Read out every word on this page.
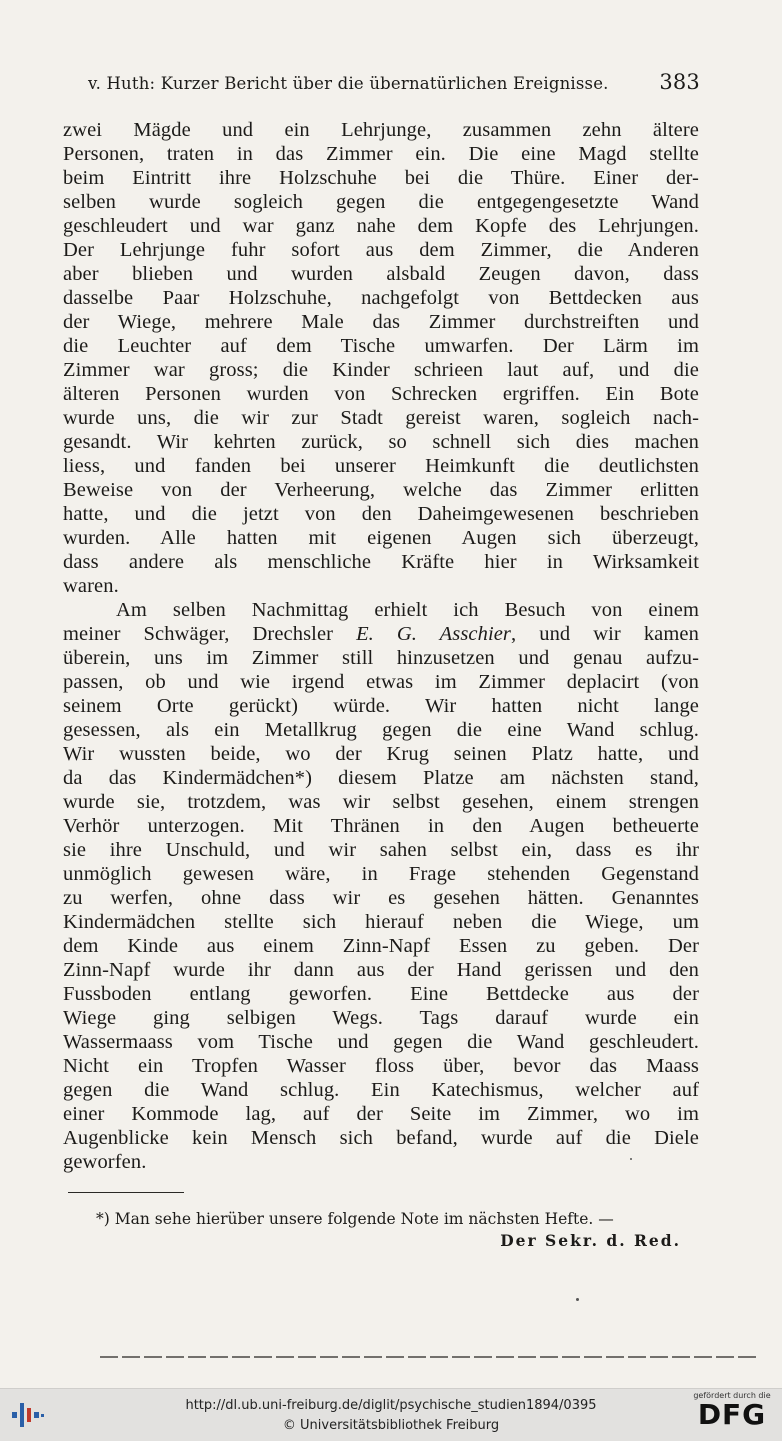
v. Huth: Kurzer Bericht über die übernatürlichen Ereignisse. 383
zwei Mägde und ein Lehrjunge, zusammen zehn ältere
Personen, traten in das Zimmer ein. Die eine Magd stellte
beim Eintritt ihre Holzschuhe bei die Thüre. Einer der-
selben wurde sogleich gegen die entgegengesetzte Wand
geschleudert und war ganz nahe dem Kopfe des Lehrjungen.
Der Lehrjunge fuhr sofort aus dem Zimmer, die Anderen
aber blieben und wurden alsbald Zeugen davon, dass
dasselbe Paar Holzschuhe, nachgefolgt von Bettdecken aus
der Wiege, mehrere Male das Zimmer durchstreiften und
die Leuchter auf dem Tische umwarfen. Der Lärm im
Zimmer war gross; die Kinder schrieen laut auf, und die
älteren Personen wurden von Schrecken ergriffen. Ein Bote
wurde uns, die wir zur Stadt gereist waren, sogleich nach-
gesandt. Wir kehrten zurück, so schnell sich dies machen
liess, und fanden bei unserer Heimkunft die deutlichsten
Beweise von der Verheerung, welche das Zimmer erlitten
hatte, und die jetzt von den Daheimgewesenen beschrieben
wurden. Alle hatten mit eigenen Augen sich überzeugt,
dass andere als menschliche Kräfte hier in Wirksamkeit
waren.
Am selben Nachmittag erhielt ich Besuch von einem
meiner Schwäger, Drechsler E. G. Asschier, und wir kamen
überein, uns im Zimmer still hinzusetzen und genau aufzu-
passen, ob und wie irgend etwas im Zimmer deplacirt (von
seinem Orte gerückt) würde. Wir hatten nicht lange
gesessen, als ein Metallkrug gegen die eine Wand schlug.
Wir wussten beide, wo der Krug seinen Platz hatte, und
da das Kindermädchen*) diesem Platze am nächsten stand,
wurde sie, trotzdem, was wir selbst gesehen, einem strengen
Verhör unterzogen. Mit Thränen in den Augen betheuerte
sie ihre Unschuld, und wir sahen selbst ein, dass es ihr
unmöglich gewesen wäre, in Frage stehenden Gegenstand
zu werfen, ohne dass wir es gesehen hätten. Genanntes
Kindermädchen stellte sich hierauf neben die Wiege, um
dem Kinde aus einem Zinn-Napf Essen zu geben. Der
Zinn-Napf wurde ihr dann aus der Hand gerissen und den
Fussboden entlang geworfen. Eine Bettdecke aus der
Wiege ging selbigen Wegs. Tags darauf wurde ein
Wassermaass vom Tische und gegen die Wand geschleudert.
Nicht ein Tropfen Wasser floss über, bevor das Maass
gegen die Wand schlug. Ein Katechismus, welcher auf
einer Kommode lag, auf der Seite im Zimmer, wo im
Augenblicke kein Mensch sich befand, wurde auf die Diele
geworfen.
*) Man sehe hierüber unsere folgende Note im nächsten Hefte. —
Der Sekr. d. Red.
http://dl.ub.uni-freiburg.de/diglit/psychische_studien1894/0395
© Universitätsbibliothek Freiburg
gefördert durch die
DFG
